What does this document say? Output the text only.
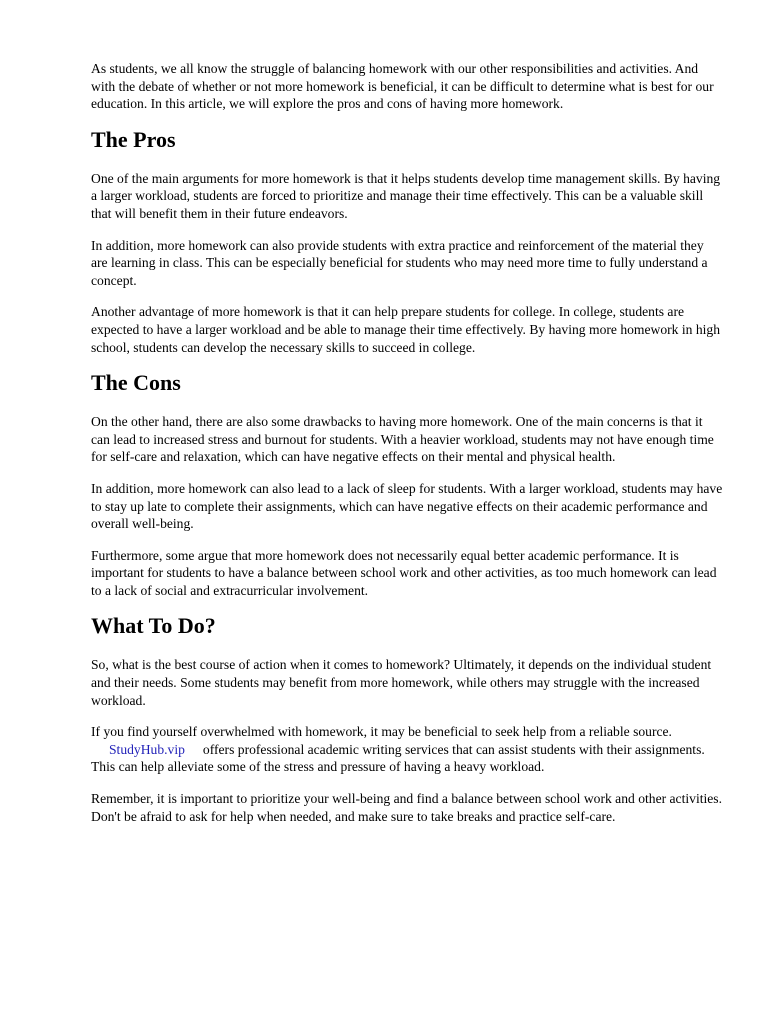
As students, we all know the struggle of balancing homework with our other responsibilities and activities. And with the debate of whether or not more homework is beneficial, it can be difficult to determine what is best for our education. In this article, we will explore the pros and cons of having more homework.

The Pros

One of the main arguments for more homework is that it helps students develop time management skills. By having a larger workload, students are forced to prioritize and manage their time effectively. This can be a valuable skill that will benefit them in their future endeavors.

In addition, more homework can also provide students with extra practice and reinforcement of the material they are learning in class. This can be especially beneficial for students who may need more time to fully understand a concept.

Another advantage of more homework is that it can help prepare students for college. In college, students are expected to have a larger workload and be able to manage their time effectively. By having more homework in high school, students can develop the necessary skills to succeed in college.

The Cons

On the other hand, there are also some drawbacks to having more homework. One of the main concerns is that it can lead to increased stress and burnout for students. With a heavier workload, students may not have enough time for self-care and relaxation, which can have negative effects on their mental and physical health.

In addition, more homework can also lead to a lack of sleep for students. With a larger workload, students may have to stay up late to complete their assignments, which can have negative effects on their academic performance and overall well-being.

Furthermore, some argue that more homework does not necessarily equal better academic performance. It is important for students to have a balance between school work and other activities, as too much homework can lead to a lack of social and extracurricular involvement.

What To Do?

So, what is the best course of action when it comes to homework? Ultimately, it depends on the individual student and their needs. Some students may benefit from more homework, while others may struggle with the increased workload.

If you find yourself overwhelmed with homework, it may be beneficial to seek help from a reliable source.StudyHub.vip offers professional academic writing services that can assist students with their assignments. This can help alleviate some of the stress and pressure of having a heavy workload.

Remember, it is important to prioritize your well-being and find a balance between school work and other activities. Don't be afraid to ask for help when needed, and make sure to take breaks and practice self-care.
